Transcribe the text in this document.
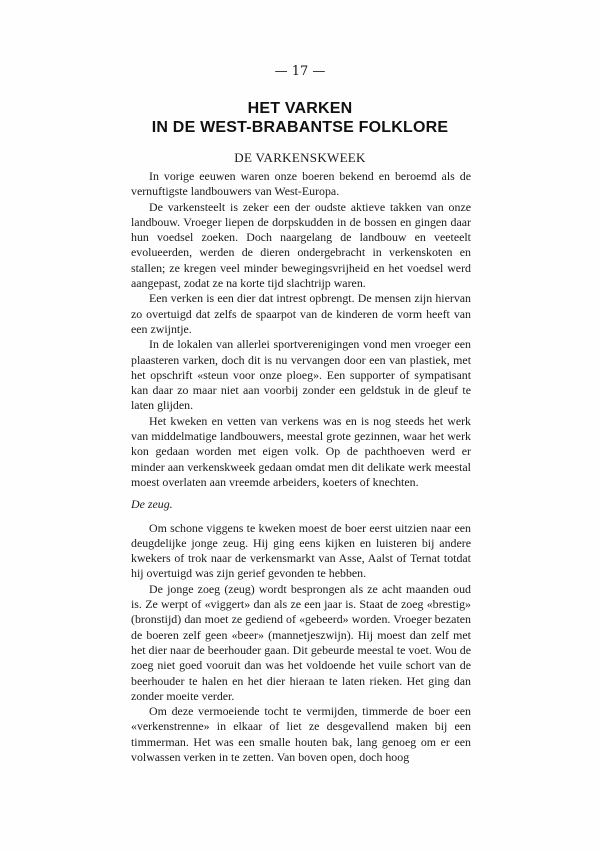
— 17 —
HET VARKEN
IN DE WEST-BRABANTSE FOLKLORE
DE VARKENSKWEEK

In vorige eeuwen waren onze boeren bekend en beroemd als de vernuftigste landbouwers van West-Europa.

De varkensteelt is zeker een der oudste aktieve takken van onze landbouw. Vroeger liepen de dorpskudden in de bossen en gingen daar hun voedsel zoeken. Doch naargelang de landbouw en veeteelt evolueerden, werden de dieren ondergebracht in verkenskoten en stallen; ze kregen veel minder bewegingsvrijheid en het voedsel werd aangepast, zodat ze na korte tijd slachtrijp waren.

Een verken is een dier dat intrest opbrengt. De mensen zijn hiervan zo overtuigd dat zelfs de spaarpot van de kinderen de vorm heeft van een zwijntje.

In de lokalen van allerlei sportverenigingen vond men vroeger een plaasteren varken, doch dit is nu vervangen door een van plastiek, met het opschrift «steun voor onze ploeg». Een supporter of sympatisant kan daar zo maar niet aan voorbij zonder een geldstuk in de gleuf te laten glijden.

Het kweken en vetten van verkens was en is nog steeds het werk van middelmatige landbouwers, meestal grote gezinnen, waar het werk kon gedaan worden met eigen volk. Op de pachthoeven werd er minder aan verkenskweek gedaan omdat men dit delikate werk meestal moest overlaten aan vreemde arbeiders, koeters of knechten.

De zeug.

Om schone viggens te kweken moest de boer eerst uitzien naar een deugdelijke jonge zeug. Hij ging eens kijken en luisteren bij andere kwekers of trok naar de verkensmarkt van Asse, Aalst of Ternat totdat hij overtuigd was zijn gerief gevonden te hebben.

De jonge zoeg (zeug) wordt besprongen als ze acht maanden oud is. Ze werpt of «viggert» dan als ze een jaar is. Staat de zoeg «brestig» (bronstijd) dan moet ze gediend of «gebeerd» worden. Vroeger bezaten de boeren zelf geen «beer» (mannetjeszwijn). Hij moest dan zelf met het dier naar de beerhouder gaan. Dit gebeurde meestal te voet. Wou de zoeg niet goed vooruit dan was het voldoende het vuile schort van de beerhouder te halen en het dier hieraan te laten rieken. Het ging dan zonder moeite verder.

Om deze vermoeiende tocht te vermijden, timmerde de boer een «verkenstrenne» in elkaar of liet ze desgevallend maken bij een timmerman. Het was een smalle houten bak, lang genoeg om er een volwassen verken in te zetten. Van boven open, doch hoog
